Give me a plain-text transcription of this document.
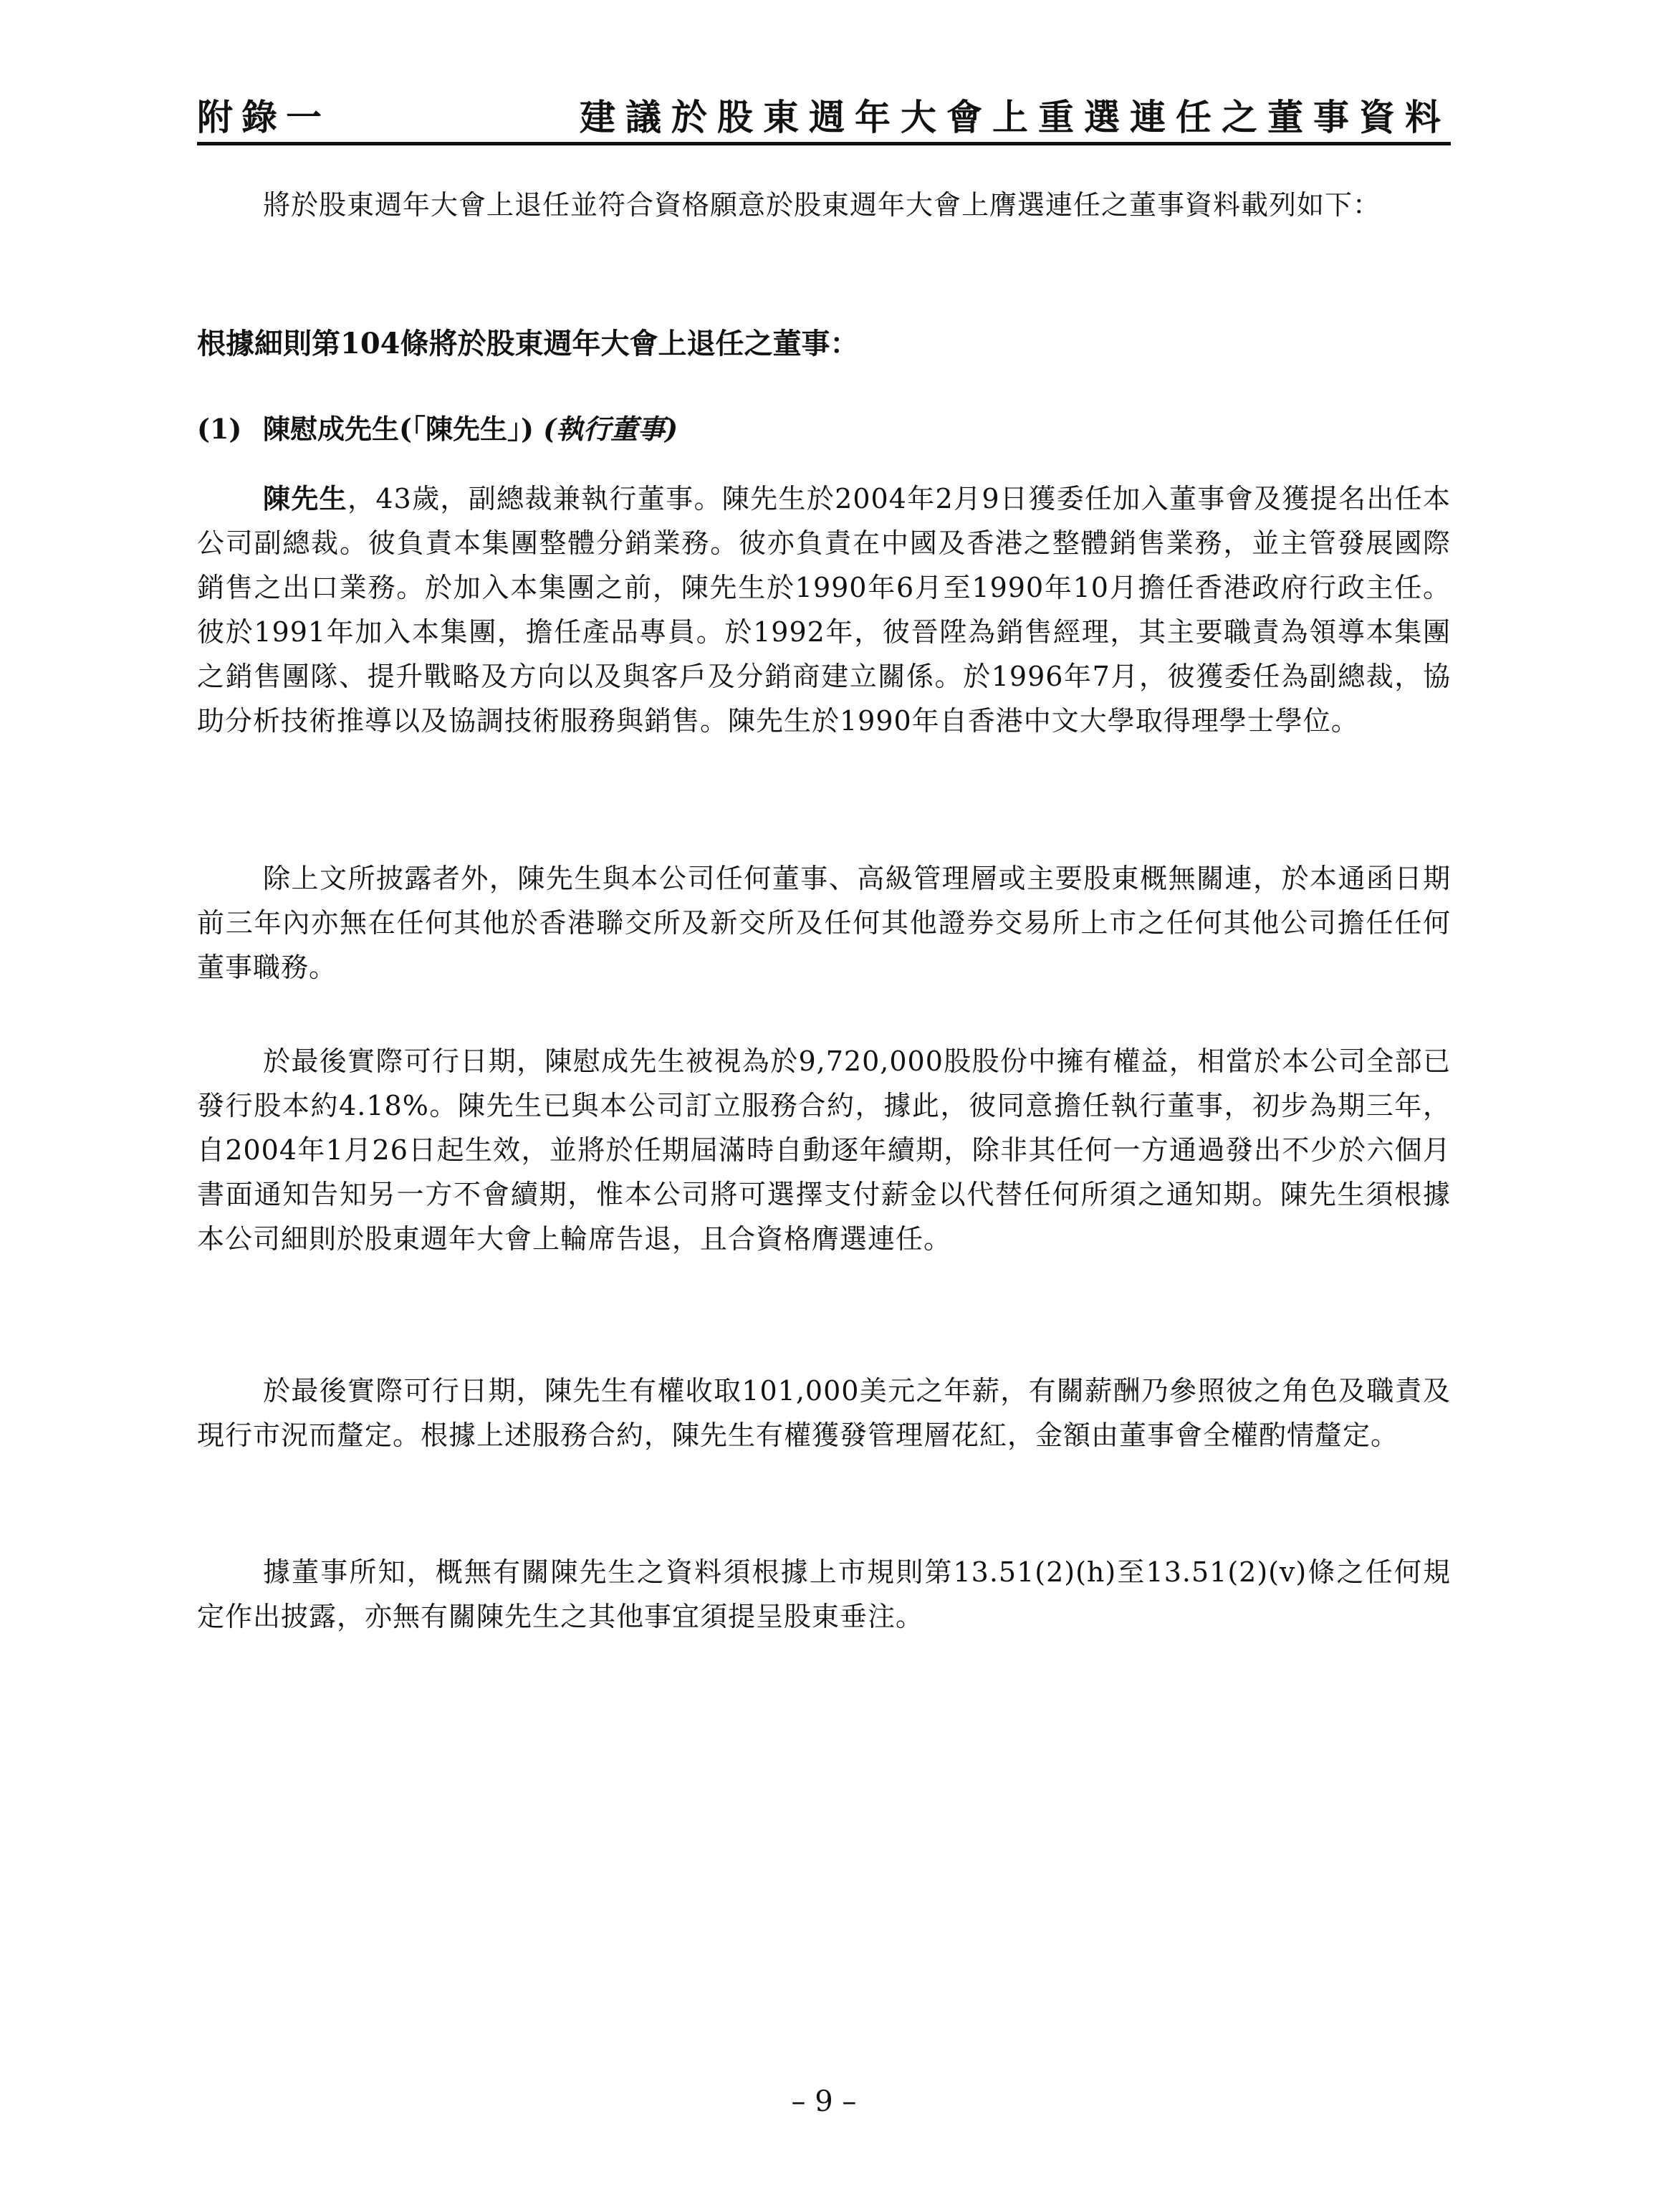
附錄一	建議於股東週年大會上重選連任之董事資料

將於股東週年大會上退任並符合資格願意於股東週年大會上膺選連任之董事資料載列如下：

根據細則第104條將於股東週年大會上退任之董事：

(1) 陳慰成先生(「陳先生」) (執行董事)

陳先生，43歲，副總裁兼執行董事。陳先生於2004年2月9日獲委任加入董事會及獲提名出任本公司副總裁。彼負責本集團整體分銷業務。彼亦負責在中國及香港之整體銷售業務，並主管發展國際銷售之出口業務。於加入本集團之前，陳先生於1990年6月至1990年10月擔任香港政府行政主任。彼於1991年加入本集團，擔任產品專員。於1992年，彼晉陞為銷售經理，其主要職責為領導本集團之銷售團隊、提升戰略及方向以及與客戶及分銷商建立關係。於1996年7月，彼獲委任為副總裁，協助分析技術推導以及協調技術服務與銷售。陳先生於1990年自香港中文大學取得理學士學位。

除上文所披露者外，陳先生與本公司任何董事、高級管理層或主要股東概無關連，於本通函日期前三年內亦無在任何其他於香港聯交所及新交所及任何其他證券交易所上市之任何其他公司擔任任何董事職務。

於最後實際可行日期，陳慰成先生被視為於9,720,000股股份中擁有權益，相當於本公司全部已發行股本約4.18%。陳先生已與本公司訂立服務合約，據此，彼同意擔任執行董事，初步為期三年，自2004年1月26日起生效，並將於任期屆滿時自動逐年續期，除非其任何一方通過發出不少於六個月書面通知告知另一方不會續期，惟本公司將可選擇支付薪金以代替任何所須之通知期。陳先生須根據本公司細則於股東週年大會上輪席告退，且合資格膺選連任。

於最後實際可行日期，陳先生有權收取101,000美元之年薪，有關薪酬乃參照彼之角色及職責及現行市況而釐定。根據上述服務合約，陳先生有權獲發管理層花紅，金額由董事會全權酌情釐定。

據董事所知，概無有關陳先生之資料須根據上市規則第13.51(2)(h)至13.51(2)(v)條之任何規定作出披露，亦無有關陳先生之其他事宜須提呈股東垂注。

– 9 –
